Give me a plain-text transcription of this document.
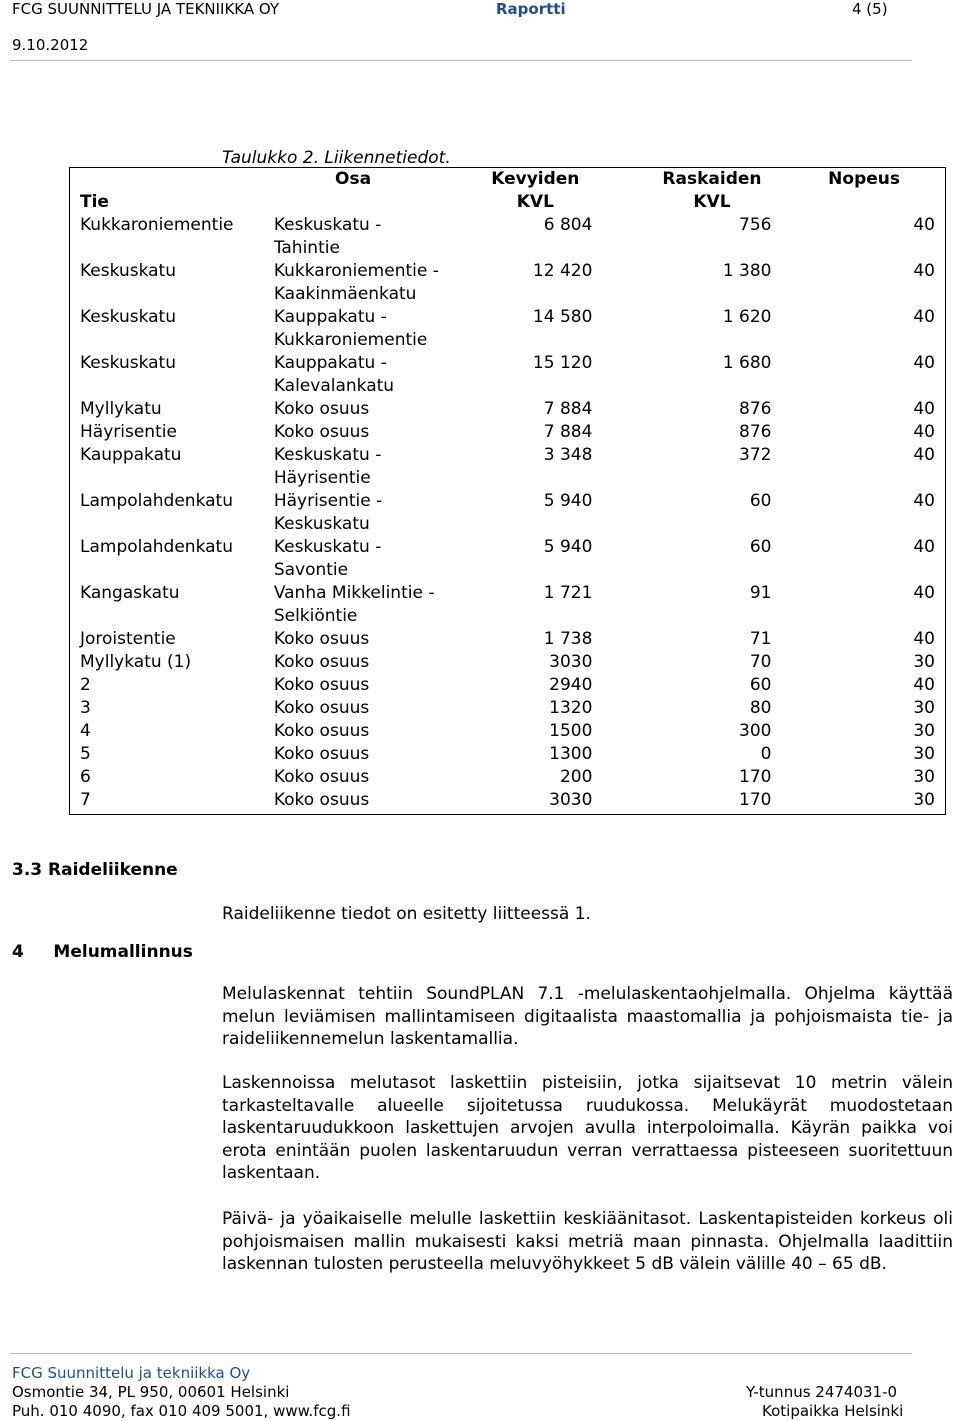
FCG SUUNNITTELU JA TEKNIIKKA OY	Raportti	4 (5)
9.10.2012
Taulukko 2. Liikennetiedot.
Tie	Osa	Kevyiden KVL	Raskaiden KVL	Nopeus
Kukkaroniementie	Keskuskatu - Tahintie	6 804	756	40
Keskuskatu	Kukkaroniementie - Kaakinmäenkatu	12 420	1 380	40
Keskuskatu	Kauppakatu - Kukkaroniementie	14 580	1 620	40
Keskuskatu	Kauppakatu - Kalevalankatu	15 120	1 680	40
Myllykatu	Koko osuus	7 884	876	40
Häyrisentie	Koko osuus	7 884	876	40
Kauppakatu	Keskuskatu - Häyrisentie	3 348	372	40
Lampolahdenkatu	Häyrisentie - Keskuskatu	5 940	60	40
Lampolahdenkatu	Keskuskatu - Savontie	5 940	60	40
Kangaskatu	Vanha Mikkelintie - Selkiöntie	1 721	91	40
Joroistentie	Koko osuus	1 738	71	40
Myllykatu (1)	Koko osuus	3030	70	30
2	Koko osuus	2940	60	40
3	Koko osuus	1320	80	30
4	Koko osuus	1500	300	30
5	Koko osuus	1300	0	30
6	Koko osuus	200	170	30
7	Koko osuus	3030	170	30
3.3 Raideliikenne
Raideliikenne tiedot on esitetty liitteessä 1.
4     Melumallinnus
Melulaskennat tehtiin SoundPLAN 7.1 -melulaskentaohjelmalla. Ohjelma käyttää melun leviämisen mallintamiseen digitaalista maastomallia ja pohjoismaista tie- ja raideliikennemelun laskentamallia.
Laskennoissa melutasot laskettiin pisteisiin, jotka sijaitsevat 10 metrin välein tarkasteltavalle alueelle sijoitetussa ruudukossa. Melukäyrät muodostetaan laskentaruudukkoon laskettujen arvojen avulla interpoloimalla. Käyrän paikka voi erota enintään puolen laskentaruudun verran verrattaessa pisteeseen suoritettuun laskentaan.
Päivä- ja yöaikaiselle melulle laskettiin keskiäänitasot. Laskentapisteiden korkeus oli pohjoismaisen mallin mukaisesti kaksi metriä maan pinnasta. Ohjelmalla laadittiin laskennan tulosten perusteella meluvyöhykkeet 5 dB välein välille 40 – 65 dB.
FCG Suunnittelu ja tekniikka Oy
Osmontie 34, PL 950, 00601 Helsinki
Puh. 010 4090, fax 010 409 5001, www.fcg.fi
Y-tunnus 2474031-0
Kotipaikka Helsinki
